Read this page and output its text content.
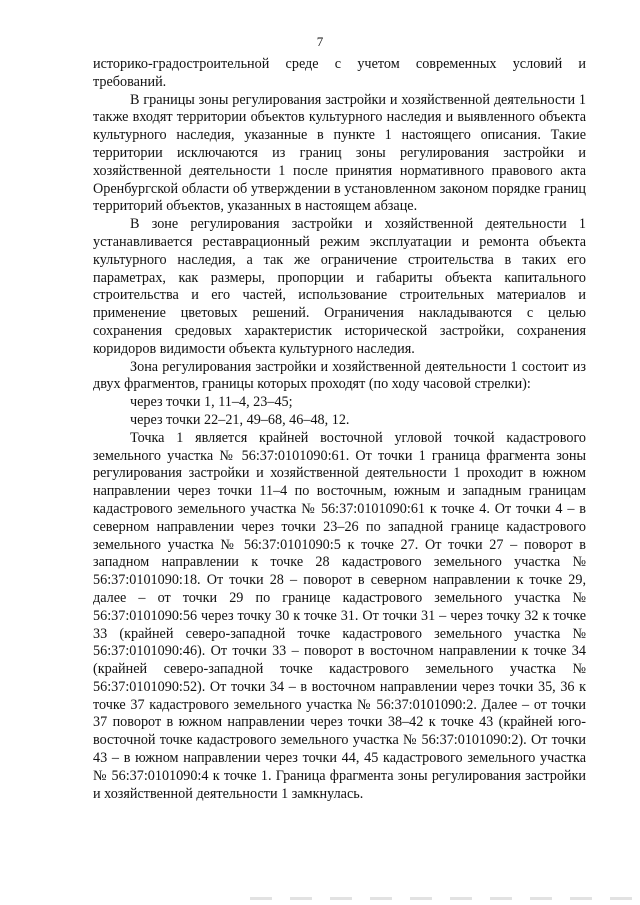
7

историко-градостроительной среде с учетом современных условий и требований.

В границы зоны регулирования застройки и хозяйственной деятельности 1 также входят территории объектов культурного наследия и выявленного объекта культурного наследия, указанные в пункте 1 настоящего описания. Такие территории исключаются из границ зоны регулирования застройки и хозяйственной деятельности 1 после принятия нормативного правового акта Оренбургской области об утверждении в установленном законом порядке границ территорий объектов, указанных в настоящем абзаце.

В зоне регулирования застройки и хозяйственной деятельности 1 устанавливается реставрационный режим эксплуатации и ремонта объекта культурного наследия, а так же ограничение строительства в таких его параметрах, как размеры, пропорции и габариты объекта капитального строительства и его частей, использование строительных материалов и применение цветовых решений. Ограничения накладываются с целью сохранения средовых характеристик исторической застройки, сохранения коридоров видимости объекта культурного наследия.

Зона регулирования застройки и хозяйственной деятельности 1 состоит из двух фрагментов, границы которых проходят (по ходу часовой стрелки):

через точки 1, 11–4, 23–45;

через точки 22–21, 49–68, 46–48, 12.

Точка 1 является крайней восточной угловой точкой кадастрового земельного участка № 56:37:0101090:61. От точки 1 граница фрагмента зоны регулирования застройки и хозяйственной деятельности 1 проходит в южном направлении через точки 11–4 по восточным, южным и западным границам кадастрового земельного участка № 56:37:0101090:61 к точке 4. От точки 4 – в северном направлении через точки 23–26 по западной границе кадастрового земельного участка № 56:37:0101090:5 к точке 27. От точки 27 – поворот в западном направлении к точке 28 кадастрового земельного участка № 56:37:0101090:18. От точки 28 – поворот в северном направлении к точке 29, далее – от точки 29 по границе кадастрового земельного участка № 56:37:0101090:56 через точку 30 к точке 31. От точки 31 – через точку 32 к точке 33 (крайней северо-западной точке кадастрового земельного участка № 56:37:0101090:46). От точки 33 – поворот в восточном направлении к точке 34 (крайней северо-западной точке кадастрового земельного участка № 56:37:0101090:52). От точки 34 – в восточном направлении через точки 35, 36 к точке 37 кадастрового земельного участка № 56:37:0101090:2. Далее – от точки 37 поворот в южном направлении через точки 38–42 к точке 43 (крайней юго-восточной точке кадастрового земельного участка № 56:37:0101090:2). От точки 43 – в южном направлении через точки 44, 45 кадастрового земельного участка № 56:37:0101090:4 к точке 1. Граница фрагмента зоны регулирования застройки и хозяйственной деятельности 1 замкнулась.
